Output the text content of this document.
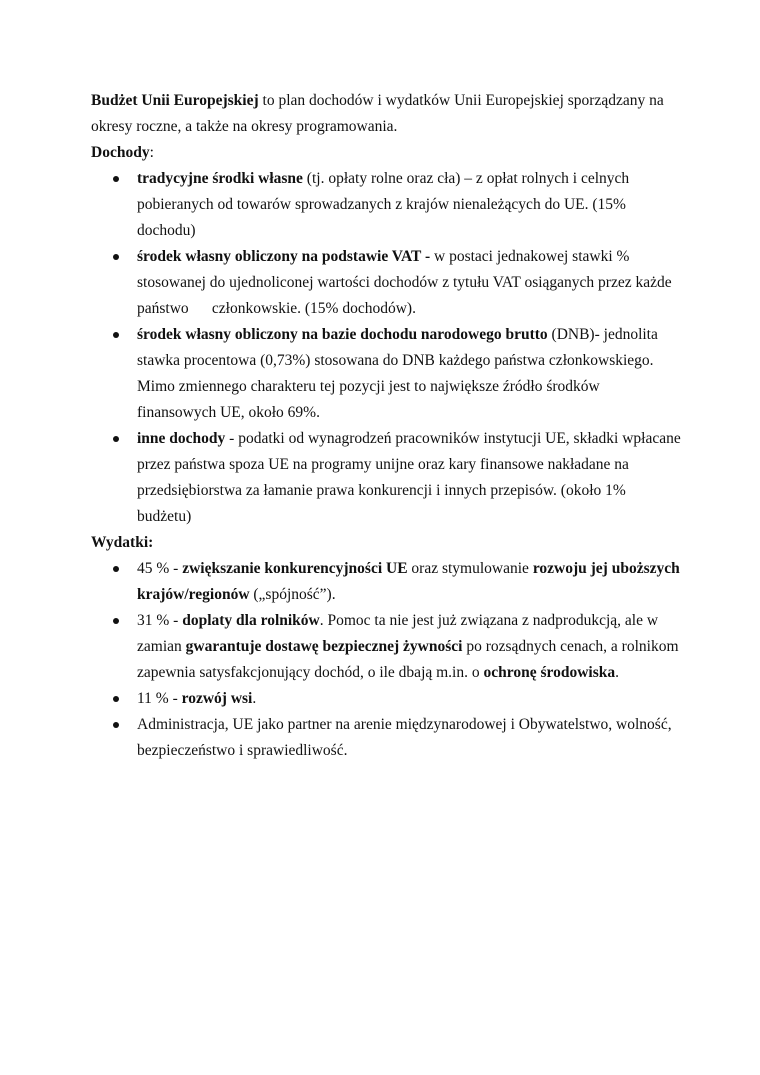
Budżet Unii Europejskiej to plan dochodów i wydatków Unii Europejskiej sporządzany na okresy roczne, a także na okresy programowania.

Dochody:

tradycyjne środki własne (tj. opłaty rolne oraz cła) – z opłat rolnych i celnych pobieranych od towarów sprowadzanych z krajów nienależących do UE. (15% dochodu)
środek własny obliczony na podstawie VAT - w postaci jednakowej stawki % stosowanej do ujednoliconej wartości dochodów z tytułu VAT osiąganych przez każde państwo      członkowskie. (15% dochodów).
środek własny obliczony na bazie dochodu narodowego brutto (DNB)- jednolita stawka procentowa (0,73%) stosowana do DNB każdego państwa członkowskiego. Mimo zmiennego charakteru tej pozycji jest to największe źródło środków finansowych UE, około 69%.
inne dochody - podatki od wynagrodzeń pracowników instytucji UE, składki wpłacane przez państwa spoza UE na programy unijne oraz kary finansowe nakładane na przedsiębiorstwa za łamanie prawa konkurencji i innych przepisów. (około 1% budżetu)

Wydatki:

45 % - zwiększanie konkurencyjności UE oraz stymulowanie rozwoju jej uboższych krajów/regionów („spójność”).
31 % - doplaty dla rolników. Pomoc ta nie jest już związana z nadprodukcją, ale w zamian gwarantuje dostawę bezpiecznej żywności po rozsądnych cenach, a rolnikom zapewnia satysfakcjonujący dochód, o ile dbają m.in. o ochronę środowiska.
11 % - rozwój wsi.
Administracja, UE jako partner na arenie międzynarodowej i Obywatelstwo, wolność, bezpieczeństwo i sprawiedliwość.
